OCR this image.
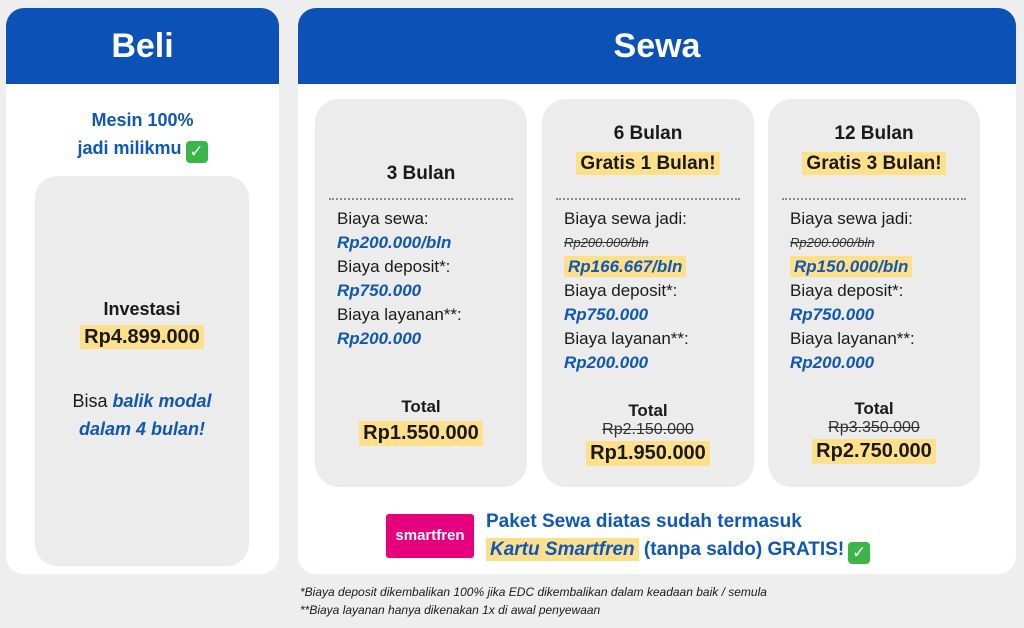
Beli
Mesin 100%
jadi milikmu ✓
Investasi
Rp4.899.000
Bisa balik modal
dalam 4 bulan!
Sewa
3 Bulan
Biaya sewa:
Rp200.000/bln
Biaya deposit*:
Rp750.000
Biaya layanan**:
Rp200.000
Total
Rp1.550.000
6 Bulan
Gratis 1 Bulan!
Biaya sewa jadi:
Rp200.000/bln
Rp166.667/bln
Biaya deposit*:
Rp750.000
Biaya layanan**:
Rp200.000
Total
Rp2.150.000
Rp1.950.000
12 Bulan
Gratis 3 Bulan!
Biaya sewa jadi:
Rp200.000/bln
Rp150.000/bln
Biaya deposit*:
Rp750.000
Biaya layanan**:
Rp200.000
Total
Rp3.350.000
Rp2.750.000
smartfren
Paket Sewa diatas sudah termasuk
Kartu Smartfren (tanpa saldo) GRATIS! ✓
*Biaya deposit dikembalikan 100% jika EDC dikembalikan dalam keadaan baik / semula
**Biaya layanan hanya dikenakan 1x di awal penyewaan
